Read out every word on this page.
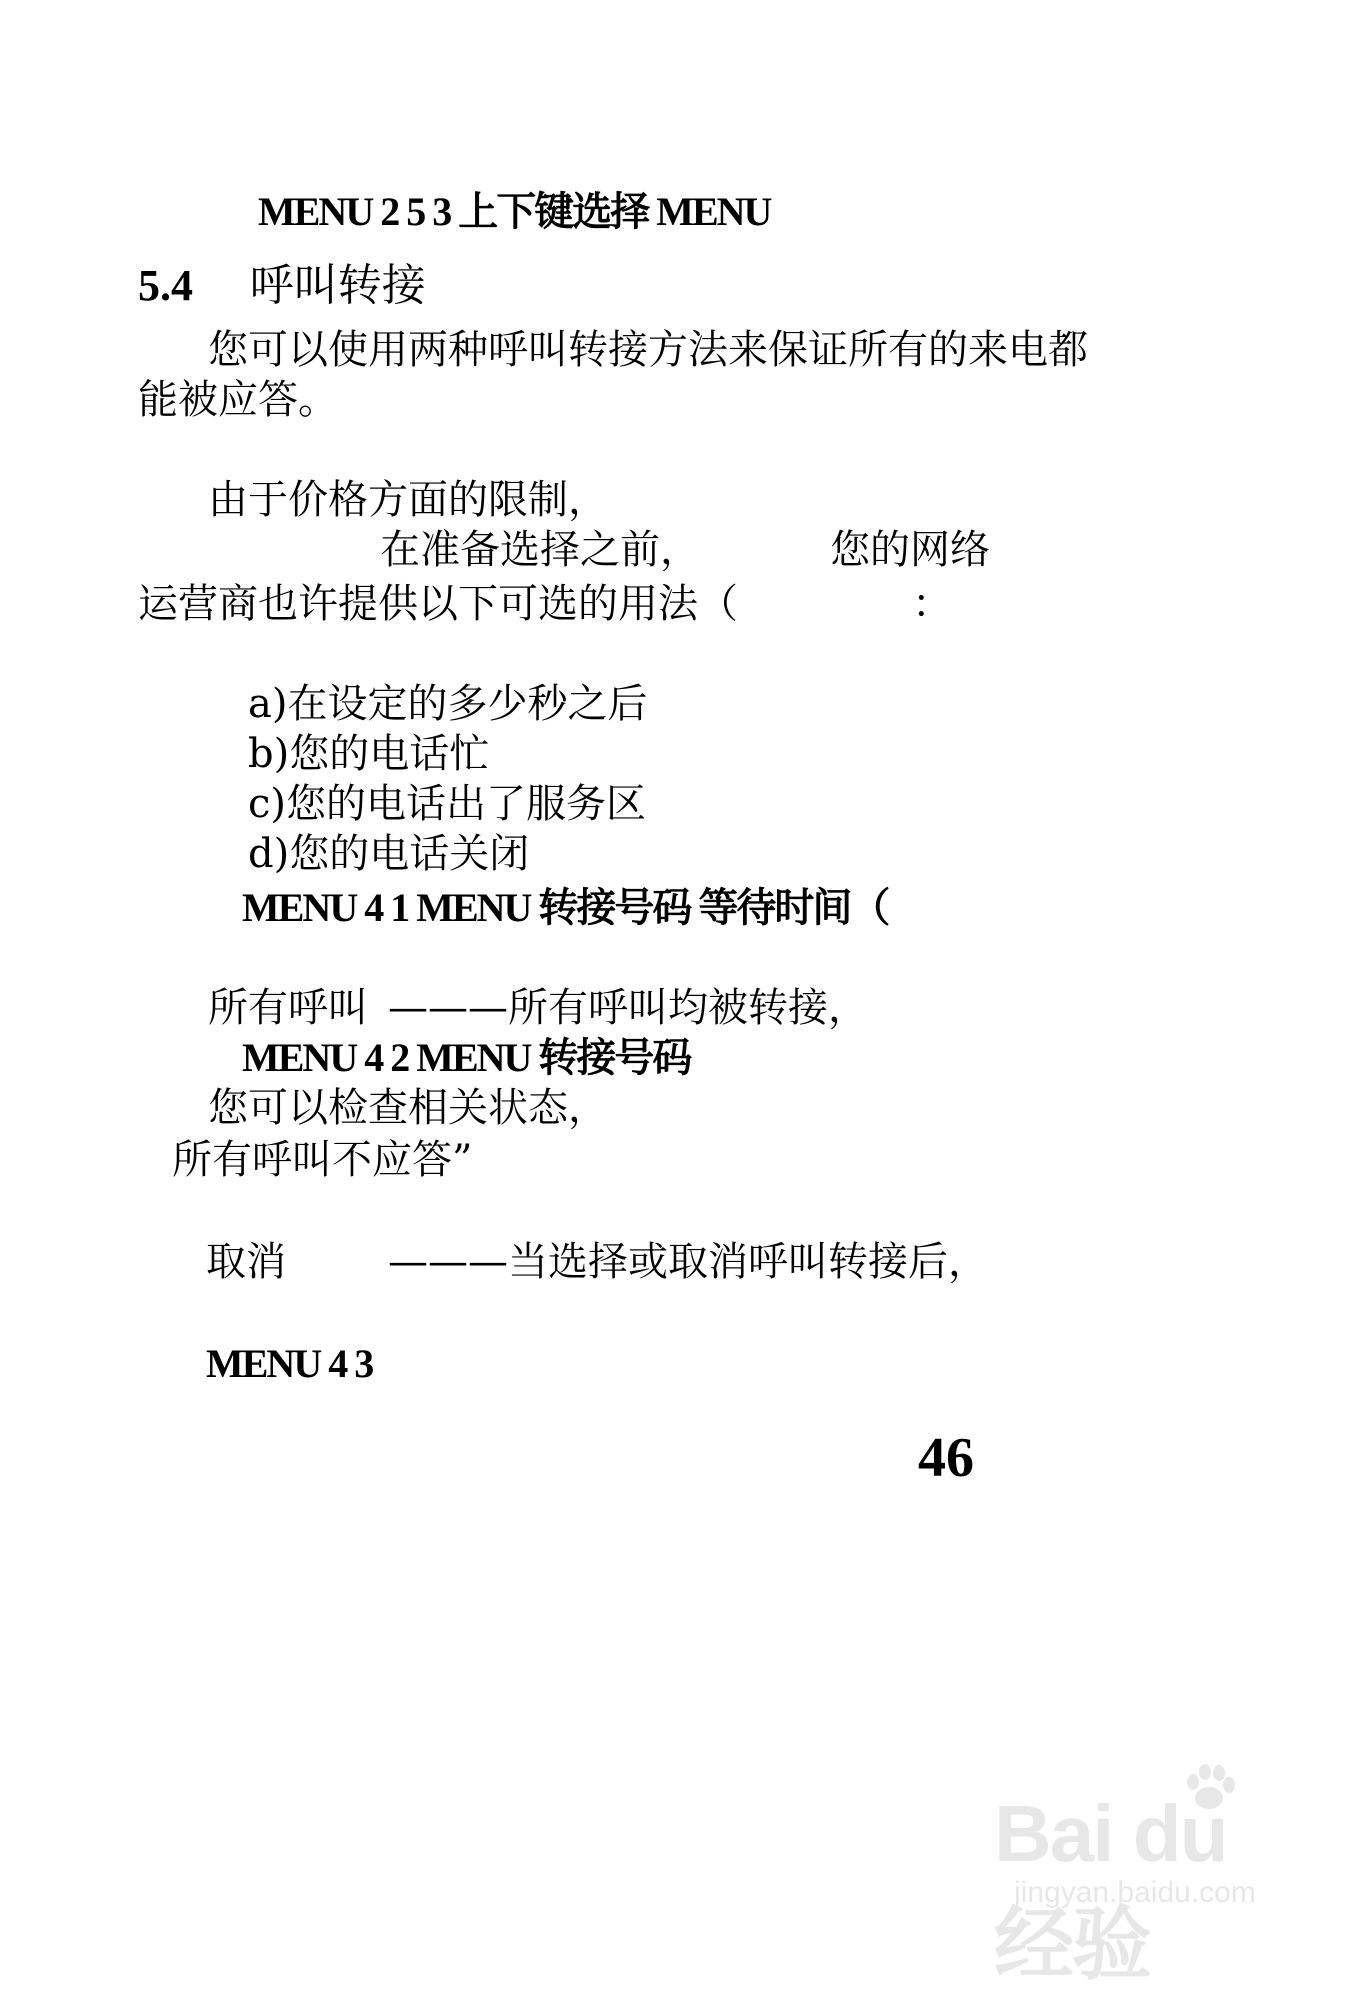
MENU 2 5 3 上下键选择 MENU
5.4 呼叫转接
您可以使用两种呼叫转接方法来保证所有的来电都
能被应答。
由于价格方面的限制，
在准备选择之前，	您的网络
运营商也许提供以下可选的用法（	：
a)在设定的多少秒之后
b)您的电话忙
c)您的电话出了服务区
d)您的电话关闭
MENU 4 1 MENU 转接号码 等待时间（
所有呼叫 ———所有呼叫均被转接，
MENU 4 2 MENU 转接号码
您可以检查相关状态，
所有呼叫不应答”
取消	———当选择或取消呼叫转接后，
MENU 4 3
46
Bai du 经验
jingyan.baidu.com
